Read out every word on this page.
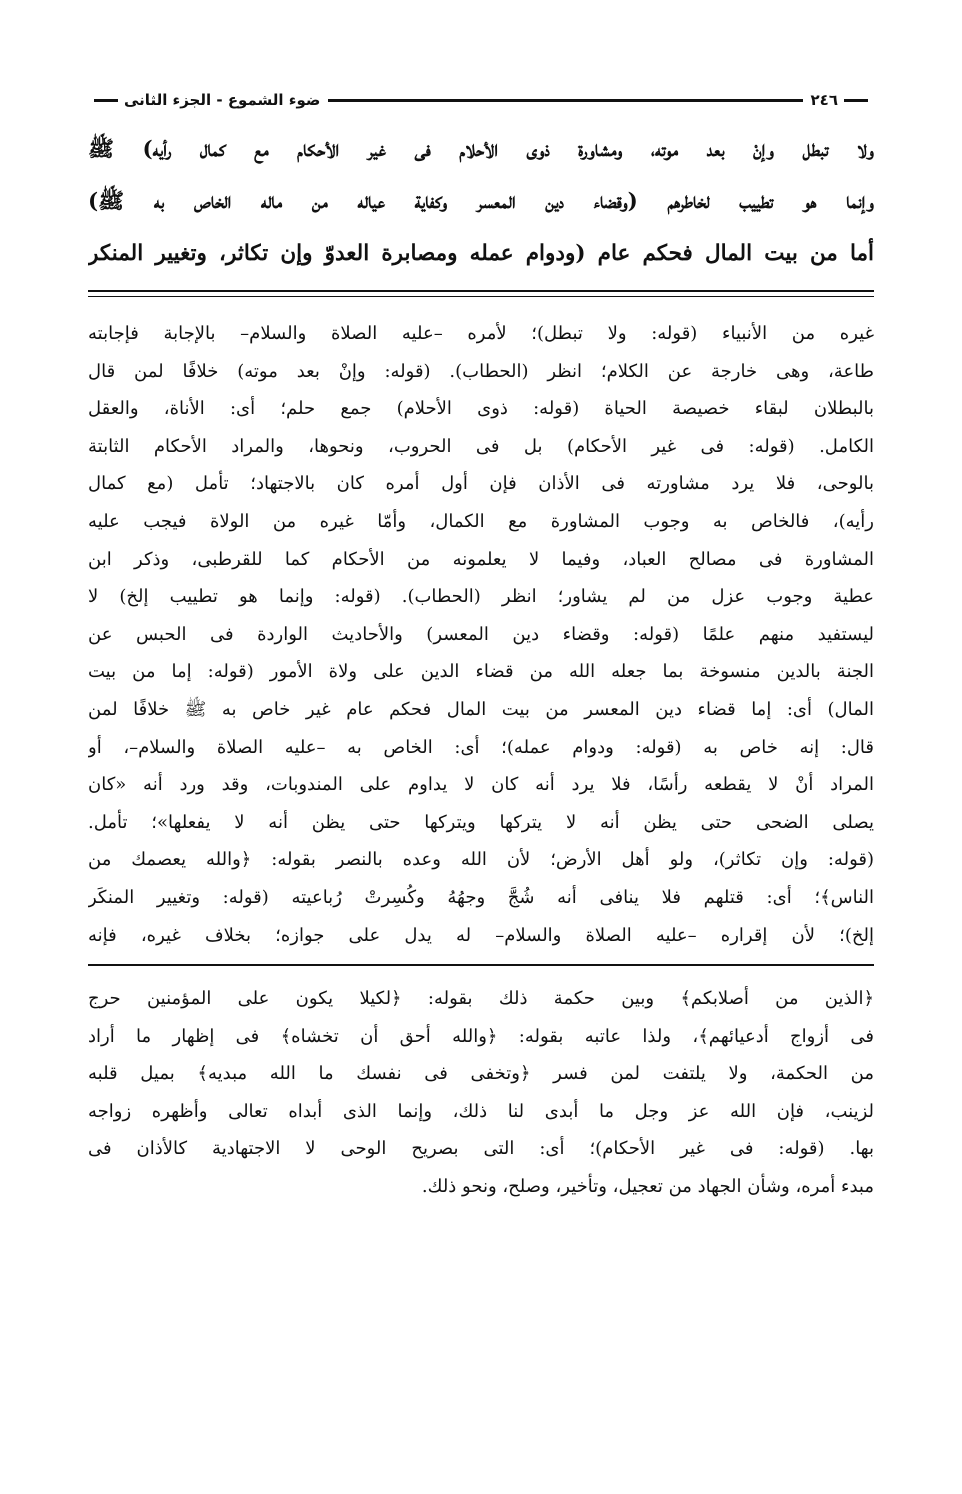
٢٤٦
ضوء الشموع - الجزء الثانى

ولا تبطل وإنْ بعد موته، ومشاورة ذوى الأحلام فى غير الأحكام مع كمال رأيه) ﷺ

وإنما هو تطييب لخاطرهم (وقضاء دين المعسر وكفاية عياله من ماله الخاص به ﷺ)

أما من بيت المال فحكم عام (ودوام عمله ومصابرة العدوّ وإن تكاثر، وتغيير المنكر

غيره من الأنبياء (قوله: ولا تبطل)؛ لأمره –عليه الصلاة والسلام– بالإجابة فإجابته

طاعة، وهى خارجة عن الكلام؛ انظر (الحطاب). (قوله: وإنْ بعد موته) خلافًا لمن قال

بالبطلان لبقاء خصيصة الحياة (قوله: ذوى الأحلام) جمع حلم؛ أى: الأناة، والعقل

الكامل. (قوله: فى غير الأحكام) بل فى الحروب، ونحوها، والمراد الأحكام الثابتة

بالوحى، فلا يرد مشاورته فى الأذان فإن أول أمره كان بالاجتهاد؛ تأمل (مع كمال

رأيه)، فالخاص به وجوب المشاورة مع الكمال، وأمّا غيره من الولاة فيجب عليه

المشاورة فى مصالح العباد، وفيما لا يعلمونه من الأحكام كما للقرطبى، وذكر ابن

عطية وجوب عزل من لم يشاور؛ انظر (الحطاب). (قوله: وإنما هو تطييب إلخ) لا

ليستفيد منهم علمًا (قوله: وقضاء دين المعسر) والأحاديث الواردة فى الحبس عن

الجنة بالدين منسوخة بما جعله الله من قضاء الدين على ولاة الأمور (قوله: إما من بيت

المال) أى: إما قضاء دين المعسر من بيت المال فحكم عام غير خاص به ﷺ خلافًا لمن

قال: إنه خاص به (قوله: ودوام عمله)؛ أى: الخاص به –عليه الصلاة والسلام–، أو

المراد أنْ لا يقطعه رأسًا، فلا يرد أنه كان لا يداوم على المندوبات، وقد ورد أنه «كان

يصلى الضحى حتى يظن أنه لا يتركها ويتركها حتى يظن أنه لا يفعلها»؛ تأمل.

(قوله: وإن تكاثر)، ولو أهل الأرض؛ لأن الله وعده بالنصر بقوله: ﴿والله يعصمك من

الناس﴾؛ أى: قتلهم فلا ينافى أنه شُجَّ وجهُهُ وكُسِرتْ رُباعيته (قوله: وتغيير المنكَر

إلخ)؛ لأن إقراره –عليه الصلاة والسلام– له يدل على جوازه؛ بخلاف غيره، فإنه

﴿الذين من أصلابكم﴾ وبين حكمة ذلك بقوله: ﴿لكيلا يكون على المؤمنين حرج

فى أزواج أدعيائهم﴾، ولذا عاتبه بقوله: ﴿والله أحق أن تخشاه﴾ فى إظهار ما أراد

من الحكمة، ولا يلتفت لمن فسر ﴿وتخفى فى نفسك ما الله مبديه﴾ بميل قلبه

لزينب، فإن الله عز وجل ما أبدى لنا ذلك، وإنما الذى أبداه تعالى وأظهره زواجه

بها. (قوله: فى غير الأحكام)؛ أى: التى بصريح الوحى لا الاجتهادية كالأذان فى

مبدء أمره، وشأن الجهاد من تعجيل، وتأخير، وصلح، ونحو ذلك.
